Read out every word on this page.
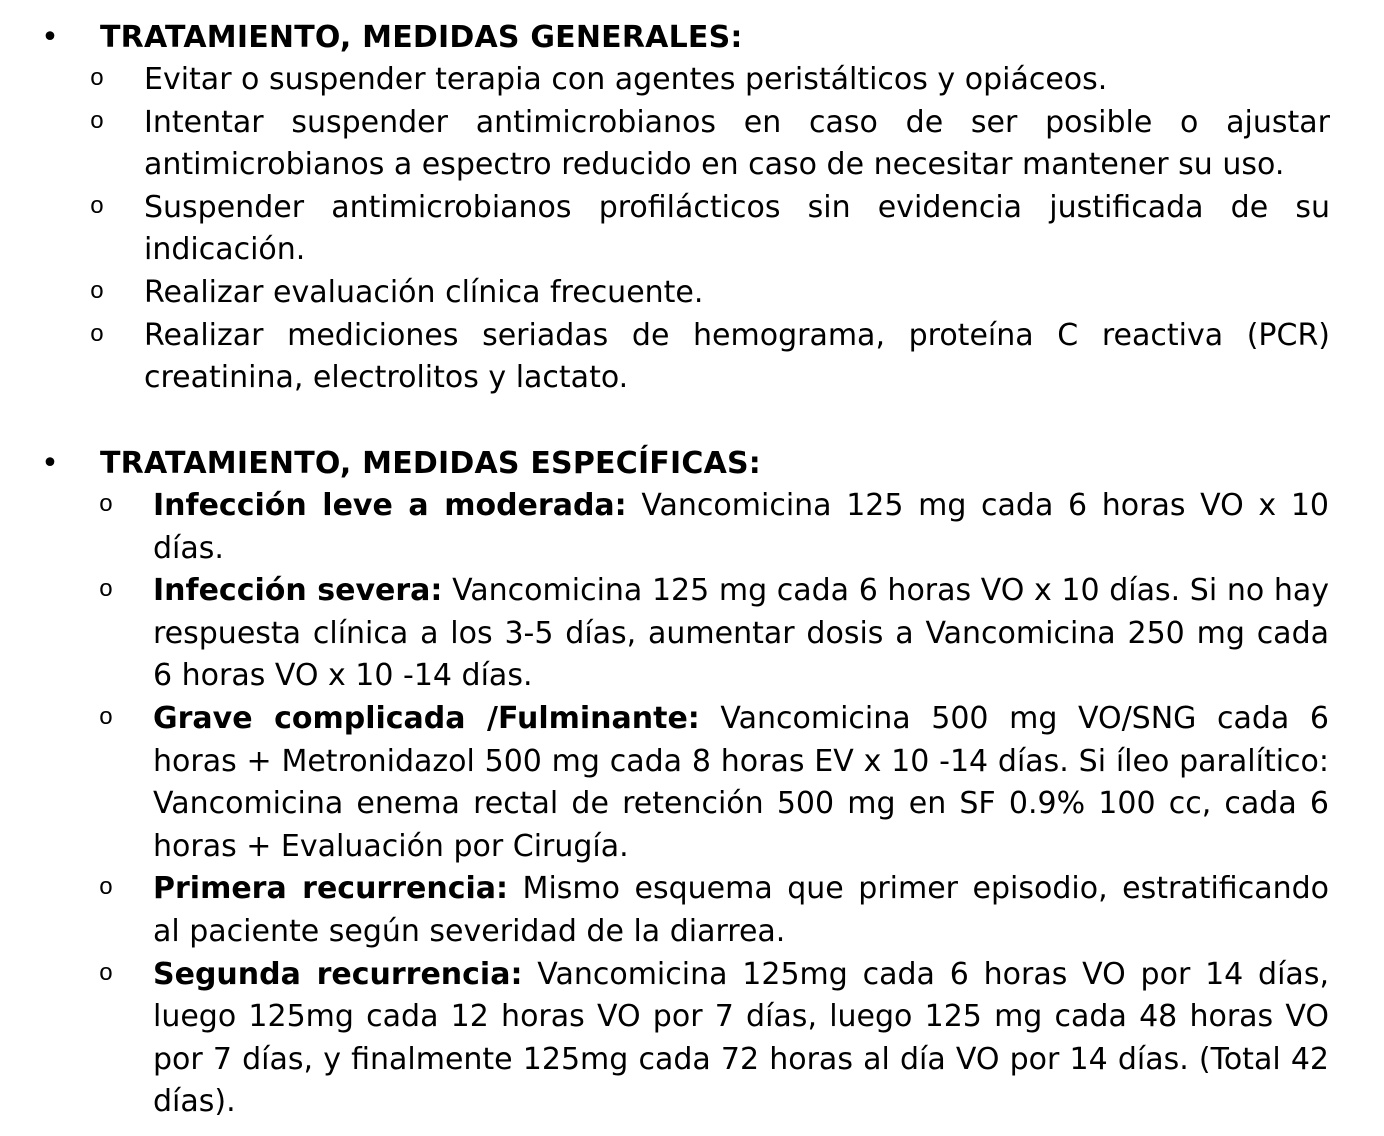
• TRATAMIENTO, MEDIDAS GENERALES:
o Evitar o suspender terapia con agentes peristálticos y opiáceos.

o Intentar suspender antimicrobianos en caso de ser posible o ajustar antimicrobianos a espectro reducido en caso de necesitar mantener su uso.

o Suspender antimicrobianos profilácticos sin evidencia justificada de su indicación.

o Realizar evaluación clínica frecuente.

o Realizar mediciones seriadas de hemograma, proteína C reactiva (PCR) creatinina, electrolitos y lactato.

• TRATAMIENTO, MEDIDAS ESPECÍFICAS:
o Infección leve a moderada: Vancomicina 125 mg cada 6 horas VO x 10 días.

o Infección severa: Vancomicina 125 mg cada 6 horas VO x 10 días. Si no hay respuesta clínica a los 3-5 días, aumentar dosis a Vancomicina 250 mg cada 6 horas VO x 10 -14 días.

o Grave complicada /Fulminante: Vancomicina 500 mg VO/SNG cada 6 horas + Metronidazol 500 mg cada 8 horas EV x 10 -14 días. Si íleo paralítico: Vancomicina enema rectal de retención 500 mg en SF 0.9% 100 cc, cada 6 horas + Evaluación por Cirugía.

o Primera recurrencia: Mismo esquema que primer episodio, estratificando al paciente según severidad de la diarrea.

o Segunda recurrencia: Vancomicina 125mg cada 6 horas VO por 14 días, luego 125mg cada 12 horas VO por 7 días, luego 125 mg cada 48 horas VO por 7 días, y finalmente 125mg cada 72 horas al día VO por 14 días. (Total 42 días).
